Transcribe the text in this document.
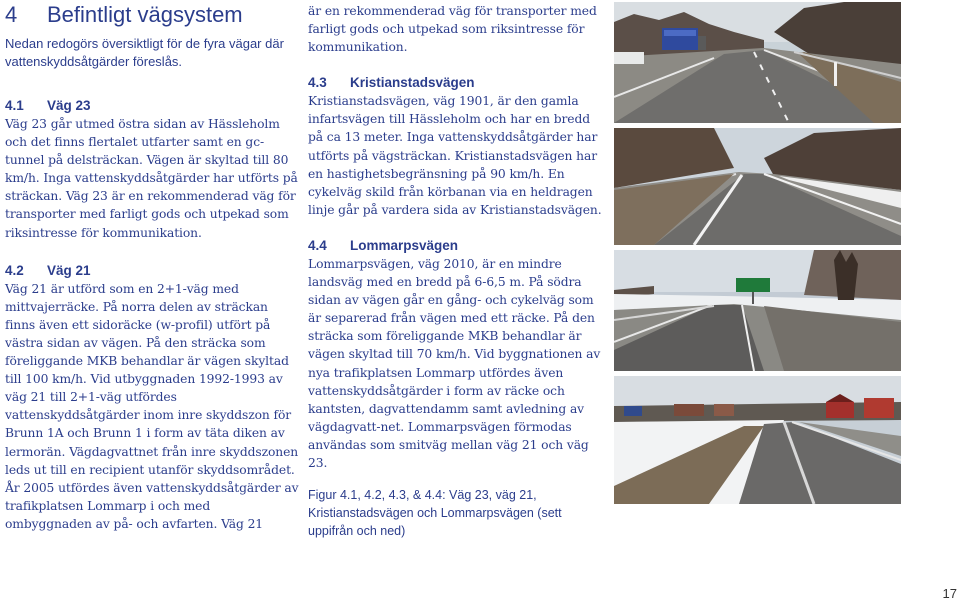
4 Befintligt vägsystem

Nedan redogörs översiktligt för de fyra vägar där vattenskyddsåtgärder föreslås.

4.1 Väg 23

Väg 23 går utmed östra sidan av Hässleholm och det finns flertalet utfarter samt en gc-tunnel på delsträckan. Vägen är skyltad till 80 km/h. Inga vattenskyddsåtgärder har utförts på sträckan. Väg 23 är en rekommenderad väg för transporter med farligt gods och utpekad som riksintresse för kommunikation.

4.2 Väg 21

Väg 21 är utförd som en 2+1-väg med mittvajerräcke. På norra delen av sträckan finns även ett sidoräcke (w-profil) utfört på västra sidan av vägen. På den sträcka som föreliggande MKB behandlar är vägen skyltad till 100 km/h. Vid utbyggnaden 1992-1993 av väg 21 till 2+1-väg utfördes vattenskyddsåtgärder inom inre skyddszon för Brunn 1A och Brunn 1 i form av täta diken av lermorän. Vägdagvattnet från inre skyddszonen leds ut till en recipient utanför skyddsområdet. År 2005 utfördes även vattenskyddsåtgärder av trafikplatsen Lommarp i och med ombyggnaden av på- och avfarten. Väg 21

är en rekommenderad väg för transporter med farligt gods och utpekad som riksintresse för kommunikation.

4.3 Kristianstadsvägen

Kristianstadsvägen, väg 1901, är den gamla infartsvägen till Hässleholm och har en bredd på ca 13 meter. Inga vattenskyddsåtgärder har utförts på vägsträckan. Kristianstadsvägen har en hastighetsbegränsning på 90 km/h. En cykelväg skild från körbanan via en heldragen linje går på vardera sida av Kristianstadsvägen.

4.4 Lommarpsvägen

Lommarpsvägen, väg 2010, är en mindre landsväg med en bredd på 6-6,5 m. På södra sidan av vägen går en gång- och cykelväg som är separerad från vägen med ett räcke. På den sträcka som föreliggande MKB behandlar är vägen skyltad till 70 km/h. Vid byggnationen av nya trafikplatsen Lommarp utfördes även vattenskyddsåtgärder i form av räcke och kantsten, dagvattendamm samt avledning av vägdagvatt-net. Lommarpsvägen förmodas användas som smitväg mellan väg 21 och väg 23.

Figur 4.1, 4.2, 4.3, & 4.4: Väg 23, väg 21, Kristianstadsvägen och Lommarpsvägen (sett uppifrån och ned)

17
